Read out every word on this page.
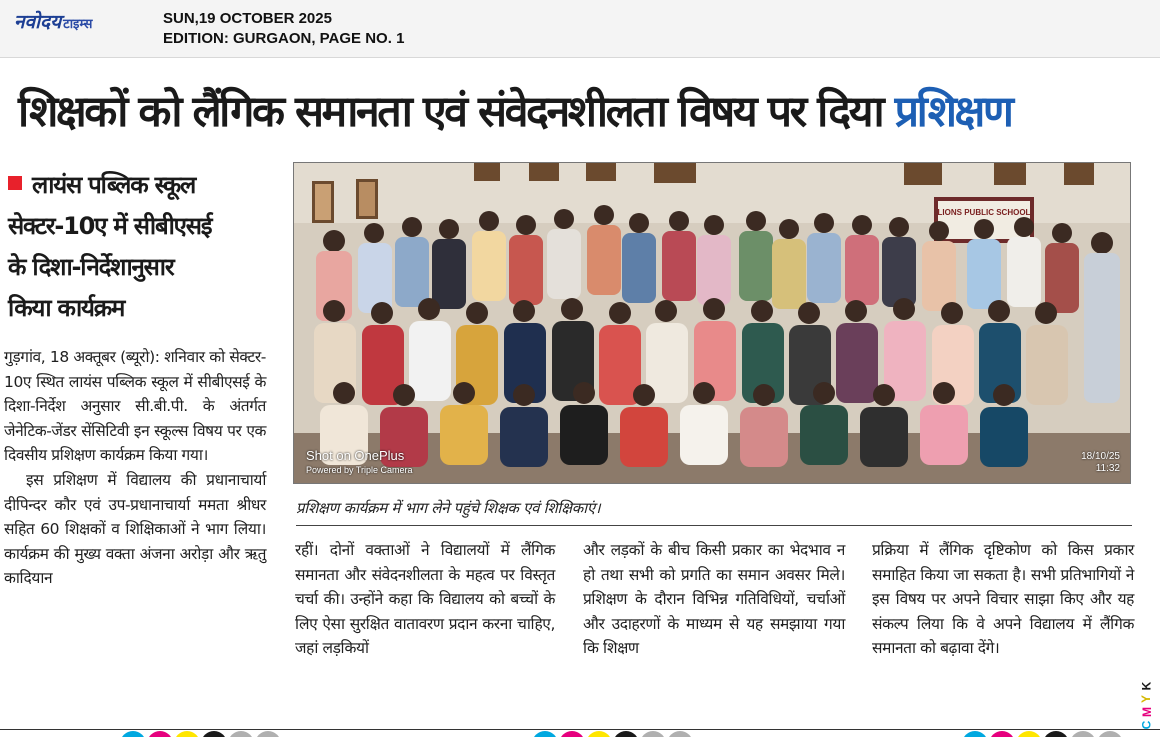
नवोदय टाइम्स	SUN,19 OCTOBER 2025
EDITION: GURGAON, PAGE NO. 1
शिक्षकों को लैंगिक समानता एवं संवेदनशीलता विषय पर दिया प्रशिक्षण
लायंस पब्लिक स्कूल
सेक्टर-10ए में सीबीएसई
के दिशा-निर्देशानुसार
किया कार्यक्रम

गुड़गांव, 18 अक्तूबर (ब्यूरो): शनिवार को सेक्टर- 10ए स्थित लायंस पब्लिक स्कूल में सीबीएसई के दिशा-निर्देश अनुसार सी.बी.पी. के अंतर्गत जेनेटिक-जेंडर सेंसिटिवी इन स्कूल्स विषय पर एक दिवसीय प्रशिक्षण कार्यक्रम किया गया।

इस प्रशिक्षण में विद्यालय की प्रधानाचार्या दीपिन्दर कौर एवं उप-प्रधानाचार्या ममता श्रीधर सहित 60 शिक्षकों व शिक्षिकाओं ने भाग लिया।कार्यक्रम की मुख्य वक्ता अंजना अरोड़ा और ऋतु कादियान

LIONS PUBLIC SCHOOL
Shot on OnePlus
Powered by Triple Camera
18/10/25
11:32
प्रशिक्षण कार्यक्रम में भाग लेने पहुंचे शिक्षक एवं शिक्षिकाएं।

रहीं। दोनों वक्ताओं ने विद्यालयों में लैंगिक समानता और संवेदनशीलता के महत्व पर विस्तृत चर्चा की। उन्होंने कहा कि विद्यालय को बच्चों के लिए ऐसा सुरक्षित वातावरण प्रदान करना चाहिए, जहां लड़कियों

और लड़कों के बीच किसी प्रकार का भेदभाव न हो तथा सभी को प्रगति का समान अवसर मिले। प्रशिक्षण के दौरान विभिन्न गतिविधियों, चर्चाओं और उदाहरणों के माध्यम से यह समझाया गया कि शिक्षण

प्रक्रिया में लैंगिक दृष्टिकोण को किस प्रकार समाहित किया जा सकता है। सभी प्रतिभागियों ने इस विषय पर अपने विचार साझा किए और यह संकल्प लिया कि वे अपने विद्यालय में लैंगिक समानता को बढ़ावा देंगे।

C
M
Y
K
